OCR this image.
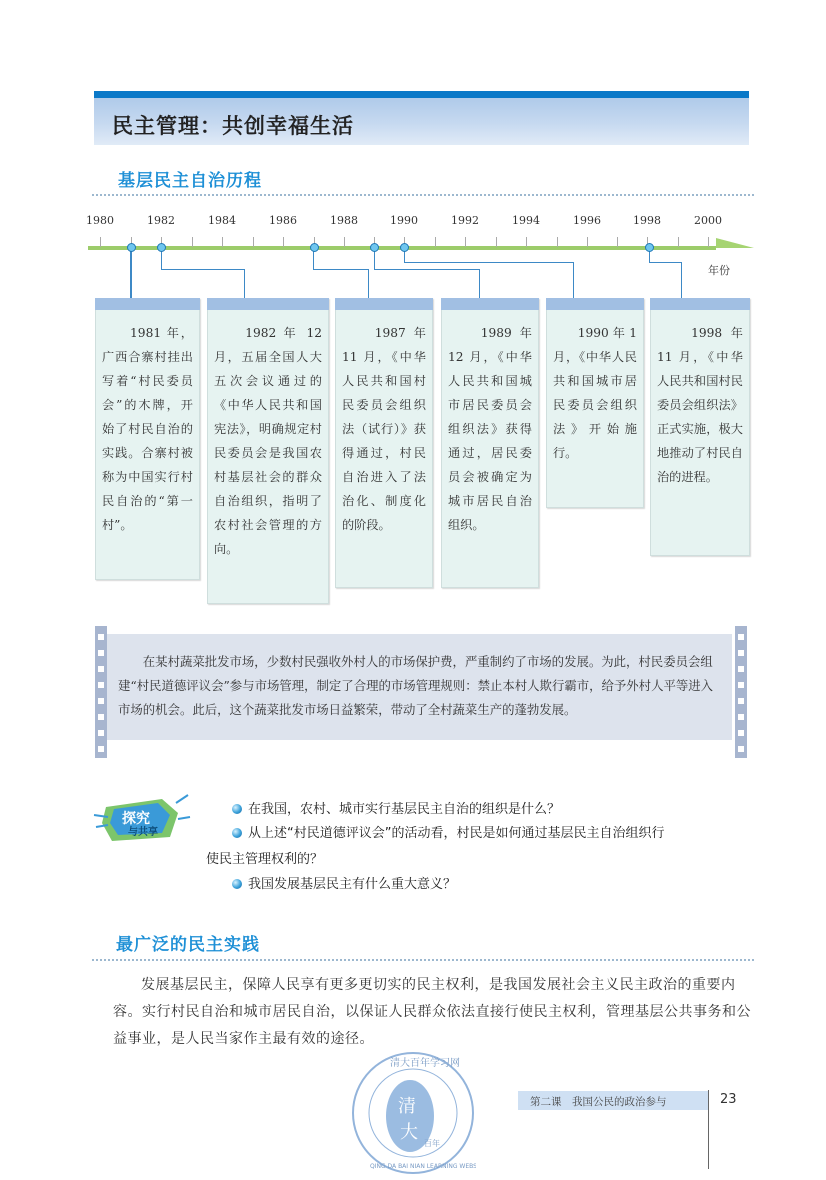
民主管理：共创幸福生活
基层民主自治历程
1980	1982	1984	1986	1988	1990	1992	1994	1996	1998	2000
年份
　　1981 年，广西合寨村挂出写着“村民委员会”的木牌，开始了村民自治的实践。合寨村被称为中国实行村民自治的“第一村”。
　　1982 年 12 月，五届全国人大五次会议通过的《中华人民共和国宪法》，明确规定村民委员会是我国农村基层社会的群众自治组织，指明了农村社会管理的方向。
　　1987 年 11 月，《中华人民共和国村民委员会组织法（试行）》获得通过，村民自治进入了法治化、制度化的阶段。
　　1989 年 12 月，《中华人民共和国城市居民委员会组织法》获得通过，居民委员会被确定为城市居民自治组织。
　　1990 年 1 月，《中华人民共和国城市居民委员会组织法》开始施行。
　　1998 年 11 月，《中华人民共和国村民委员会组织法》正式实施，极大地推动了村民自治的进程。
在某村蔬菜批发市场，少数村民强收外村人的市场保护费，严重制约了市场的发展。为此，村民委员会组建“村民道德评议会”参与市场管理，制定了合理的市场管理规则：禁止本村人欺行霸市，给予外村人平等进入市场的机会。此后，这个蔬菜批发市场日益繁荣，带动了全村蔬菜生产的蓬勃发展。
探究
与共享
在我国，农村、城市实行基层民主自治的组织是什么？
从上述“村民道德评议会”的活动看，村民是如何通过基层民主自治组织行
使民主管理权利的？
我国发展基层民主有什么重大意义？
最广泛的民主实践
发展基层民主，保障人民享有更多更切实的民主权利，是我国发展社会主义民主政治的重要内容。实行村民自治和城市居民自治，以保证人民群众依法直接行使民主权利，管理基层公共事务和公益事业，是人民当家作主最有效的途径。
清
大
百年
清大百年学习网
QING DA BAI NIAN LEARNING WEBSITE
第二课　我国公民的政治参与	23
